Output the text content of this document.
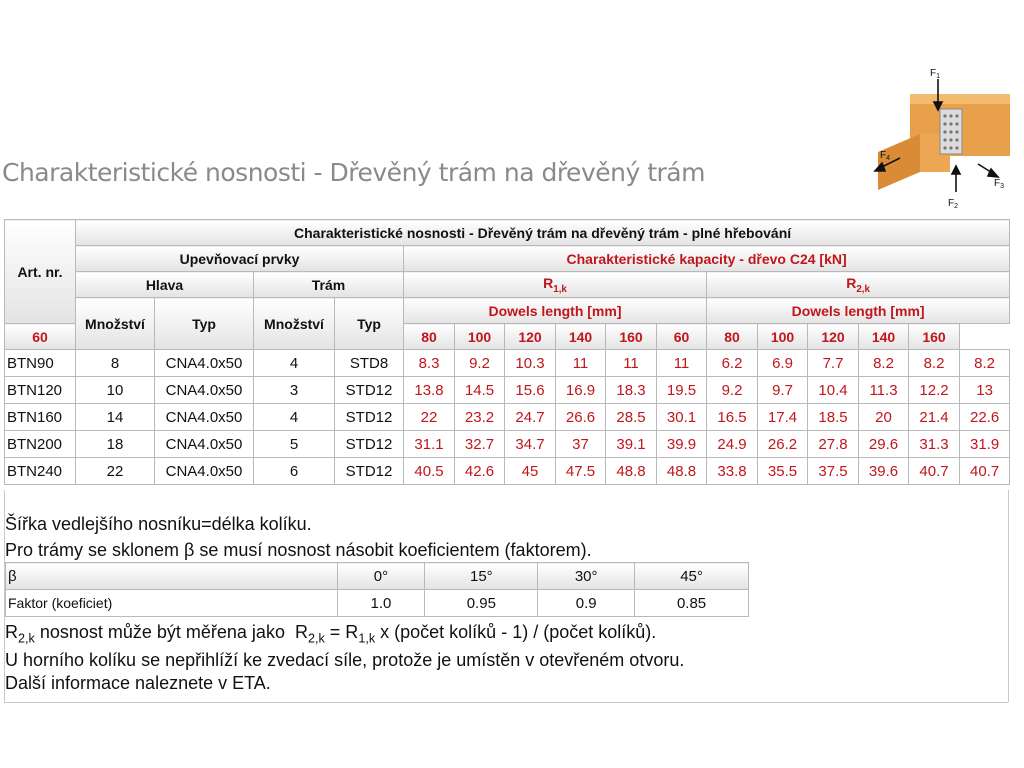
Charakteristické nosnosti - Dřevěný trám na dřevěný trám
$F_1$
$F_2$
$F_3$
$F_4$
Art. nr.	Charakteristické nosnosti - Dřevěný trám na dřevěný trám - plné hřebování															
	Upevňovací prvky				Charakteristické kapacity - dřevo C24 [kN]											
	Hlava		Trám		$R_{1,k}$						$R_{2,k}$
	Množství	Typ	Množství	Typ	Dowels length [mm]						Dowels length [mm]					
60					80	100	120	140	160	60	80	100	120	140	160	
BTN90	8	CNA4.0x50	4	STD8	8.3	9.2	10.3	11	11	11	6.2	6.9	7.7	8.2	8.2	8.2
BTN120	10	CNA4.0x50	3	STD12	13.8	14.5	15.6	16.9	18.3	19.5	9.2	9.7	10.4	11.3	12.2	13
BTN160	14	CNA4.0x50	4	STD12	22	23.2	24.7	26.6	28.5	30.1	16.5	17.4	18.5	20	21.4	22.6
BTN200	18	CNA4.0x50	5	STD12	31.1	32.7	34.7	37	39.1	39.9	24.9	26.2	27.8	29.6	31.3	31.9
BTN240	22	CNA4.0x50	6	STD12	40.5	42.6	45	47.5	48.8	48.8	33.8	35.5	37.5	39.6	40.7	40.7
Šířka vedlejšího nosníku=délka kolíku.
Pro trámy se sklonem β se musí nosnost násobit koeficientem (faktorem).
β	0°	15°	30°	45°
Faktor (koeficiet)	1.0	0.95	0.9	0.85
$R_{2,k}$ nosnost může být měřena jako  $R_{2,k} = R_{1,k}$ x (počet kolíků - 1) / (počet kolíků).
U horního kolíku se nepřihlíží ke zvedací síle, protože je umístěn v otevřeném otvoru.
Další informace naleznete v ETA.
